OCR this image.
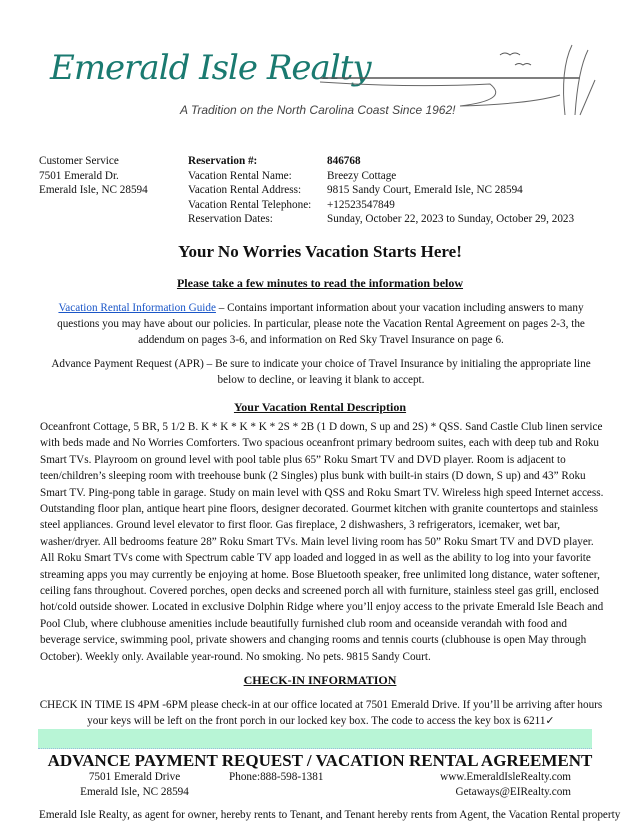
Emerald Isle Realty
A Tradition on the North Carolina Coast Since 1962!
Customer Service
7501 Emerald Dr.
Emerald Isle, NC 28594
Reservation #:
Vacation Rental Name:
Vacation Rental Address:
Vacation Rental Telephone:
Reservation Dates:
846768
Breezy Cottage
9815 Sandy Court, Emerald Isle, NC 28594
+12523547849
Sunday, October 22, 2023 to Sunday, October 29, 2023
Your No Worries Vacation Starts Here!
Please take a few minutes to read the information below
Vacation Rental Information Guide – Contains important information about your vacation including answers to many questions you may have about our policies. In particular, please note the Vacation Rental Agreement on pages 2-3, the addendum on pages 3-6, and information on Red Sky Travel Insurance on page 6.
Advance Payment Request (APR) – Be sure to indicate your choice of Travel Insurance by initialing the appropriate line below to decline, or leaving it blank to accept.
Your Vacation Rental Description
Oceanfront Cottage, 5 BR, 5 1/2 B. K * K * K * K * 2S * 2B (1 D down, S up and 2S) * QSS. Sand Castle Club linen service with beds made and No Worries Comforters. Two spacious oceanfront primary bedroom suites, each with deep tub and Roku Smart TVs. Playroom on ground level with pool table plus 65” Roku Smart TV and DVD player. Room is adjacent to teen/children’s sleeping room with treehouse bunk (2 Singles) plus bunk with built-in stairs (D down, S up) and 43” Roku Smart TV. Ping-pong table in garage. Study on main level with QSS and Roku Smart TV. Wireless high speed Internet access. Outstanding floor plan, antique heart pine floors, designer decorated. Gourmet kitchen with granite countertops and stainless steel appliances. Ground level elevator to first floor. Gas fireplace, 2 dishwashers, 3 refrigerators, icemaker, wet bar, washer/dryer. All bedrooms feature 28” Roku Smart TVs. Main level living room has 50” Roku Smart TV and DVD player. All Roku Smart TVs come with Spectrum cable TV app loaded and logged in as well as the ability to log into your favorite streaming apps you may currently be enjoying at home. Bose Bluetooth speaker, free unlimited long distance, water softener, ceiling fans throughout. Covered porches, open decks and screened porch all with furniture, stainless steel gas grill, enclosed hot/cold outside shower. Located in exclusive Dolphin Ridge where you’ll enjoy access to the private Emerald Isle Beach and Pool Club, where clubhouse amenities include beautifully furnished club room and oceanside verandah with food and beverage service, swimming pool, private showers and changing rooms and tennis courts (clubhouse is open May through October). Weekly only. Available year-round. No smoking. No pets. 9815 Sandy Court.
CHECK-IN INFORMATION
CHECK IN TIME IS 4PM -6PM please check-in at our office located at 7501 Emerald Drive. If you’ll be arriving after hours your keys will be left on the front porch in our locked key box. The code to access the key box is 6211✓
ADVANCE PAYMENT REQUEST / VACATION RENTAL AGREEMENT
7501 Emerald Drive
Emerald Isle, NC 28594
Phone:888-598-1381	www.EmeraldIsleRealty.com
Getaways@EIRealty.com
Emerald Isle Realty, as agent for owner, hereby rents to Tenant, and Tenant hereby rents from Agent, the Vacation Rental property
